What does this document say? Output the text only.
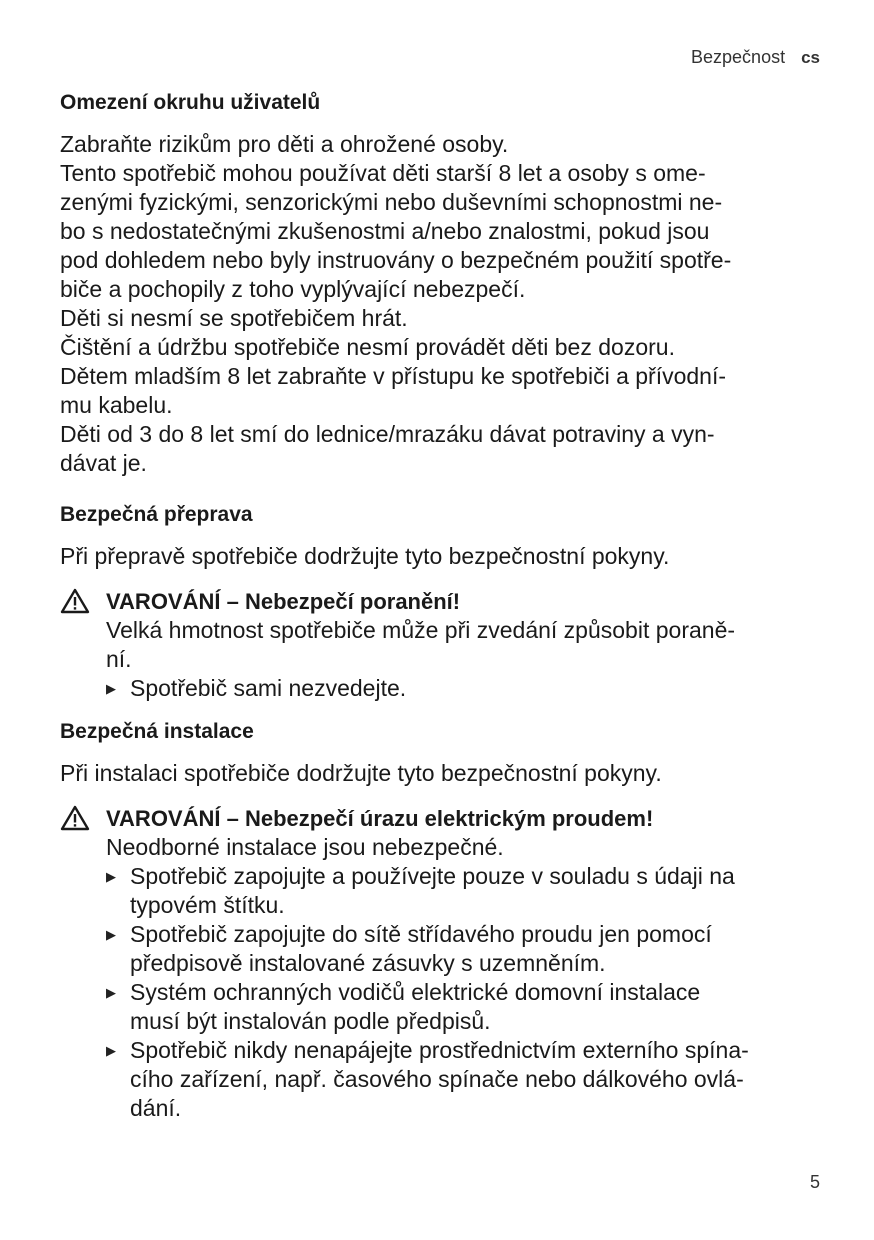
Bezpečnost cs
Omezení okruhu uživatelů

Zabraňte rizikům pro děti a ohrožené osoby.

Tento spotřebič mohou používat děti starší 8 let a osoby s ome-

zenými fyzickými, senzorickými nebo duševními schopnostmi ne-

bo s nedostatečnými zkušenostmi a/nebo znalostmi, pokud jsou

pod dohledem nebo byly instruovány o bezpečném použití spotře-

biče a pochopily z toho vyplývající nebezpečí.

Děti si nesmí se spotřebičem hrát.

Čištění a údržbu spotřebiče nesmí provádět děti bez dozoru.

Dětem mladším 8 let zabraňte v přístupu ke spotřebiči a přívodní-

mu kabelu.

Děti od 3 do 8 let smí do lednice/mrazáku dávat potraviny a vyn-

dávat je.

Bezpečná přeprava

Při přepravě spotřebiče dodržujte tyto bezpečnostní pokyny.

VAROVÁNÍ – Nebezpečí poranění!

Velká hmotnost spotřebiče může při zvedání způsobit poraně-

ní.

▶ Spotřebič sami nezvedejte.

Bezpečná instalace

Při instalaci spotřebiče dodržujte tyto bezpečnostní pokyny.

VAROVÁNÍ – Nebezpečí úrazu elektrickým proudem!

Neodborné instalace jsou nebezpečné.

▶ Spotřebič zapojujte a používejte pouze v souladu s údaji na

typovém štítku.

▶ Spotřebič zapojujte do sítě střídavého proudu jen pomocí

předpisově instalované zásuvky s uzemněním.

▶ Systém ochranných vodičů elektrické domovní instalace

musí být instalován podle předpisů.

▶ Spotřebič nikdy nenapájejte prostřednictvím externího spína-

cího zařízení, např. časového spínače nebo dálkového ovlá-

dání.

5
